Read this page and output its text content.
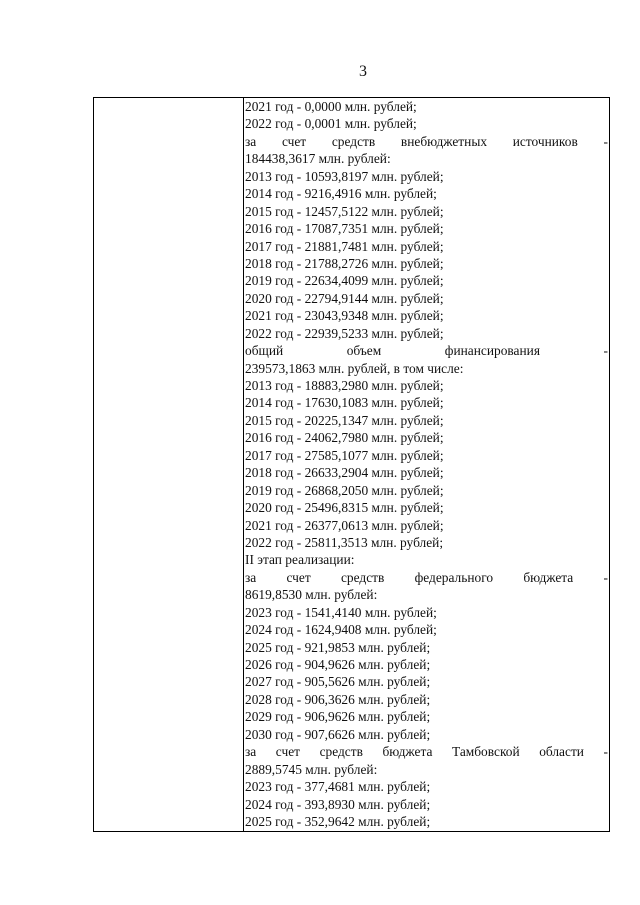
3
2021 год - 0,0000 млн. рублей;
2022 год - 0,0001 млн. рублей;
за счет средств внебюджетных источников -
184438,3617 млн. рублей:
2013 год - 10593,8197 млн. рублей;
2014 год - 9216,4916 млн. рублей;
2015 год - 12457,5122 млн. рублей;
2016 год - 17087,7351 млн. рублей;
2017 год - 21881,7481 млн. рублей;
2018 год - 21788,2726 млн. рублей;
2019 год - 22634,4099 млн. рублей;
2020 год - 22794,9144 млн. рублей;
2021 год - 23043,9348 млн. рублей;
2022 год - 22939,5233 млн. рублей;
общий	объем	финансирования	-
239573,1863 млн. рублей, в том числе:
2013 год - 18883,2980 млн. рублей;
2014 год - 17630,1083 млн. рублей;
2015 год - 20225,1347 млн. рублей;
2016 год - 24062,7980 млн. рублей;
2017 год - 27585,1077 млн. рублей;
2018 год - 26633,2904 млн. рублей;
2019 год - 26868,2050 млн. рублей;
2020 год - 25496,8315 млн. рублей;
2021 год - 26377,0613 млн. рублей;
2022 год - 25811,3513 млн. рублей;
II этап реализации:
за счет средств федерального бюджета -
8619,8530 млн. рублей:
2023 год - 1541,4140 млн. рублей;
2024 год - 1624,9408 млн. рублей;
2025 год - 921,9853 млн. рублей;
2026 год - 904,9626 млн. рублей;
2027 год - 905,5626 млн. рублей;
2028 год - 906,3626 млн. рублей;
2029 год - 906,9626 млн. рублей;
2030 год - 907,6626 млн. рублей;
за счет средств бюджета Тамбовской области -
2889,5745 млн. рублей:
2023 год - 377,4681 млн. рублей;
2024 год - 393,8930 млн. рублей;
2025 год - 352,9642 млн. рублей;
